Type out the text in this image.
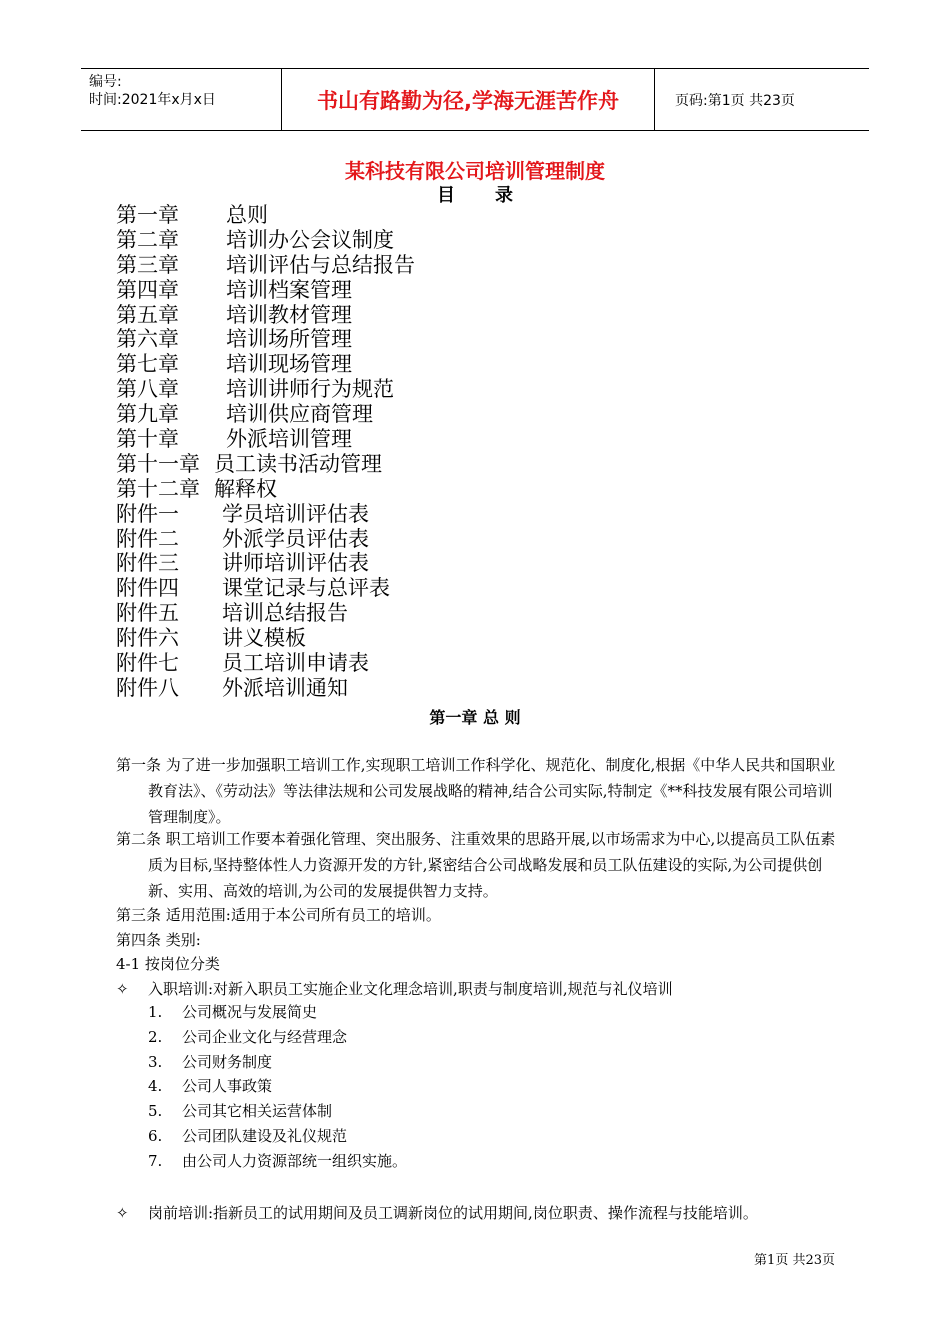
编号:
时间:2021年x月x日	书山有路勤为径,学海无涯苦作舟	页码:第1页 共23页
某科技有限公司培训管理制度
目 录
第一章 总则
第二章 培训办公会议制度
第三章 培训评估与总结报告
第四章 培训档案管理
第五章 培训教材管理
第六章 培训场所管理
第七章 培训现场管理
第八章 培训讲师行为规范
第九章 培训供应商管理
第十章 外派培训管理
第十一章 员工读书活动管理
第十二章 解释权
附件一 学员培训评估表
附件二 外派学员评估表
附件三 讲师培训评估表
附件四 课堂记录与总评表
附件五 培训总结报告
附件六 讲义模板
附件七 员工培训申请表
附件八 外派培训通知
第一章 总 则
第一条 为了进一步加强职工培训工作,实现职工培训工作科学化、规范化、制度化,根据《中华人民共和国职业教育法》、《劳动法》等法律法规和公司发展战略的精神,结合公司实际,特制定《**科技发展有限公司培训管理制度》。
第二条 职工培训工作要本着强化管理、突出服务、注重效果的思路开展,以市场需求为中心,以提高员工队伍素质为目标,坚持整体性人力资源开发的方针,紧密结合公司战略发展和员工队伍建设的实际,为公司提供创新、实用、高效的培训,为公司的发展提供智力支持。
第三条 适用范围:适用于本公司所有员工的培训。
第四条 类别:
4-1 按岗位分类
✧ 入职培训:对新入职员工实施企业文化理念培训,职责与制度培训,规范与礼仪培训
1. 公司概况与发展简史
2. 公司企业文化与经营理念
3. 公司财务制度
4. 公司人事政策
5. 公司其它相关运营体制
6. 公司团队建设及礼仪规范
7. 由公司人力资源部统一组织实施。
✧ 岗前培训:指新员工的试用期间及员工调新岗位的试用期间,岗位职责、操作流程与技能培训。
第1页 共23页
